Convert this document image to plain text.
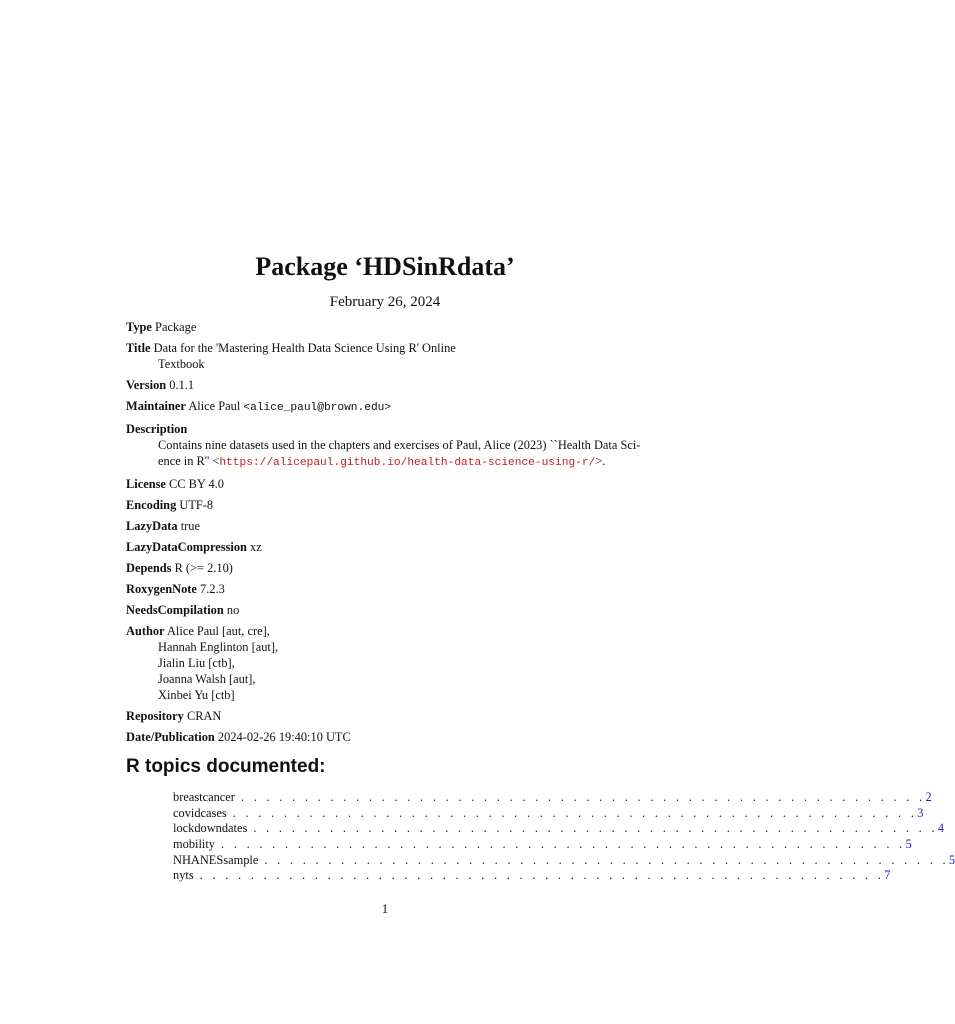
Package ‘HDSinRdata’
February 26, 2024
Type Package
Title Data for the 'Mastering Health Data Science Using R' Online
Textbook
Version 0.1.1
Maintainer Alice Paul <alice_paul@brown.edu>
Description
Contains nine datasets used in the chapters and exercises of Paul, Alice (2023) ``Health Data Sci-
ence in R'' <https://alicepaul.github.io/health-data-science-using-r/>.
License CC BY 4.0
Encoding UTF-8
LazyData true
LazyDataCompression xz
Depends R (>= 2.10)
RoxygenNote 7.2.3
NeedsCompilation no
Author Alice Paul [aut, cre],
Hannah Englinton [aut],
Jialin Liu [ctb],
Joanna Walsh [aut],
Xinbei Yu [ctb]
Repository CRAN
Date/Publication 2024-02-26 19:40:10 UTC
R topics documented:
breastcancer . . . . . . . . . . . . . . . . . . . . . . . . . . . . . . . . . . . . . . . . . . . . . . . . . . . . . . 2
covidcases . . . . . . . . . . . . . . . . . . . . . . . . . . . . . . . . . . . . . . . . . . . . . . . . . . . . . . 3
lockdowndates . . . . . . . . . . . . . . . . . . . . . . . . . . . . . . . . . . . . . . . . . . . . . . . . . . . . . . 4
mobility . . . . . . . . . . . . . . . . . . . . . . . . . . . . . . . . . . . . . . . . . . . . . . . . . . . . . . 5
NHANESsample . . . . . . . . . . . . . . . . . . . . . . . . . . . . . . . . . . . . . . . . . . . . . . . . . . . . . . 5
nyts . . . . . . . . . . . . . . . . . . . . . . . . . . . . . . . . . . . . . . . . . . . . . . . . . . . . . . 7
1
